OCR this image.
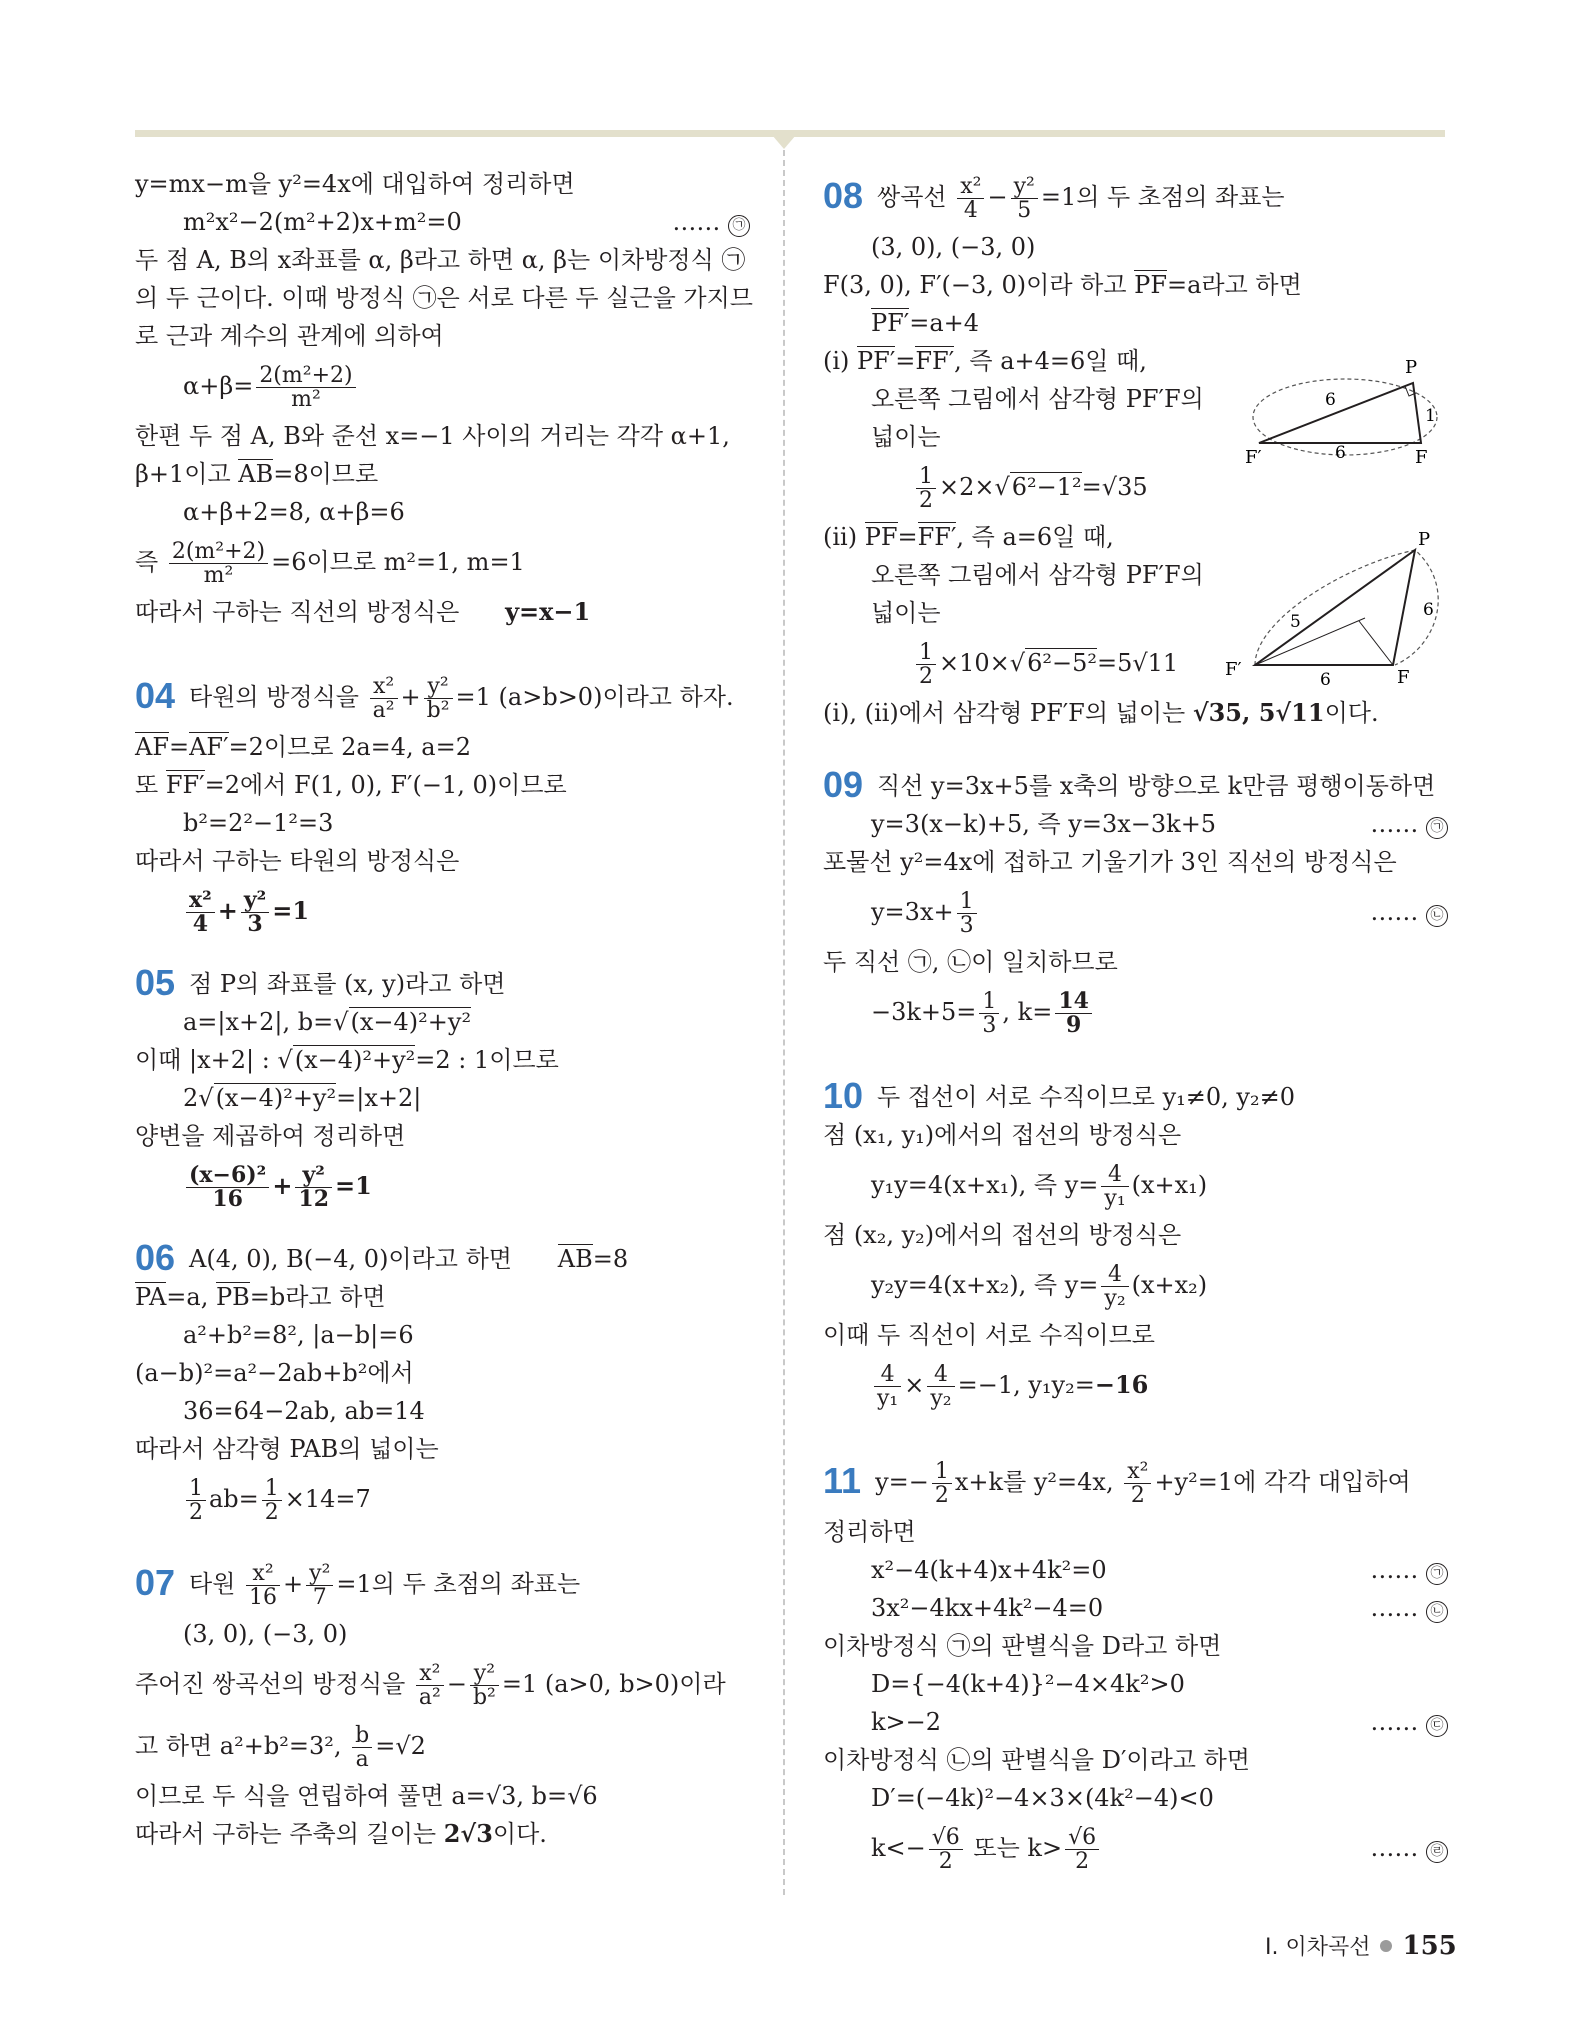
y=mx−m을 y²=4x에 대입하여 정리하면
m²x²−2(m²+2)x+m²=0	…… ㉠
두 점 A, B의 x좌표를 α, β라고 하면 α, β는 이차방정식 ㉠
의 두 근이다. 이때 방정식 ㉠은 서로 다른 두 실근을 가지므
로 근과 계수의 관계에 의하여
$\alpha+\beta= \frac{\text{2(m²+2)}}{\text{m²}}$
한편 두 점 A, B와 준선 x=−1 사이의 거리는 각각 α+1,
β+1이고 AB=8이므로
α+β+2=8, α+β=6
즉 $\frac{\text{2(m²+2)}}{\text{m²}} =6$이므로 m²=1, m=1
따라서 구하는 직선의 방정식은 y=x−1
04 타원의 방정식을 $\frac{\text{x²}}{\text{a²}} + \frac{\text{y²}}{\text{b²}} =1$ (a>b>0)이라고 하자.
AF=AF′=2이므로 2a=4, a=2
또 FF′=2에서 F(1, 0), F′(−1, 0)이므로
b²=2²−1²=3
따라서 구하는 타원의 방정식은
$\frac{\text{x²}}{4} + \frac{\text{y²}}{3} =1$
05 점 P의 좌표를 (x, y)라고 하면
a=|x+2|, b=√(x−4)²+y²
이때 |x+2| : √(x−4)²+y²=2 : 1이므로
2√(x−4)²+y²=|x+2|
양변을 제곱하여 정리하면
$\frac{\text{(x−6)²}}{16} + \frac{\text{y²}}{12} =1$
06 A(4, 0), B(−4, 0)이라고 하면 AB=8
PA=a, PB=b라고 하면
a²+b²=8², |a−b|=6
(a−b)²=a²−2ab+b²에서
36=64−2ab, ab=14
따라서 삼각형 PAB의 넓이는
$\frac{1}{2} ab= \frac{1}{2} \times 14=7$
07 타원 $\frac{\text{x²}}{16} + \frac{\text{y²}}{7} =1$의 두 초점의 좌표는
(3, 0), (−3, 0)
주어진 쌍곡선의 방정식을 $\frac{\text{x²}}{\text{a²}} - \frac{\text{y²}}{\text{b²}} =1$ (a>0, b>0)이라
고 하면 a²+b²=3², $\frac{b}{a} =√2$
이므로 두 식을 연립하여 풀면 a=√3, b=√6
따라서 구하는 주축의 길이는 2√3이다.
08 쌍곡선 $\frac{\text{x²}}{4} - \frac{\text{y²}}{5} =1$의 두 초점의 좌표는
(3, 0), (−3, 0)
F(3, 0), F′(−3, 0)이라 하고 PF=a라고 하면
PF′=a+4
(i) PF′=FF′, 즉 a+4=6일 때,
오른쪽 그림에서 삼각형 PF′F의
넓이는
$\frac{1}{2} \times 2\times√6^2-1^2=√35$
(ii) PF=FF′, 즉 a=6일 때,
오른쪽 그림에서 삼각형 PF′F의
넓이는
$\frac{1}{2} \times 10\times√6^2-5^2=5√11$
(i), (ii)에서 삼각형 PF′F의 넓이는 √35, 5√11이다.
09 직선 y=3x+5를 x축의 방향으로 k만큼 평행이동하면
y=3(x−k)+5, 즉 y=3x−3k+5	…… ㉠
포물선 y²=4x에 접하고 기울기가 3인 직선의 방정식은
$y=3x+ \frac{1}{3}$	…… ㉡
두 직선 ㉠, ㉡이 일치하므로
$-3k+5= \frac{1}{3}$ , $k= \frac{14}{9}$
10 두 접선이 서로 수직이므로 y₁≠0, y₂≠0
점 (x₁, y₁)에서의 접선의 방정식은
y₁y=4(x+x₁), 즉 $y= \frac{4}{\text{y₁}} (x+x_1)$
점 (x₂, y₂)에서의 접선의 방정식은
y₂y=4(x+x₂), 즉 $y= \frac{4}{\text{y₂}} (x+x_2)$
이때 두 직선이 서로 수직이므로
$\frac{4}{\text{y₁}} \times \frac{4}{\text{y₂}} =-1$, y₁y₂=−16
11 $y=- \frac{1}{2} x+k$를 y²=4x, $\frac{\text{x²}}{2} +y^2=1$에 각각 대입하여
정리하면
x²−4(k+4)x+4k²=0	…… ㉠
3x²−4kx+4k²−4=0	…… ㉡
이차방정식 ㉠의 판별식을 D라고 하면
D={−4(k+4)}²−4×4k²>0
k>−2	…… ㉢
이차방정식 ㉡의 판별식을 D′이라고 하면
D′=(−4k)²−4×3×(4k²−4)<0
$k<- \frac{√6}{2}$ 또는 $k> \frac{√6}{2}$	…… ㉣
F′	F
P
6
6
1
F′	F
P
5
6
6
I. 이차곡선 155
